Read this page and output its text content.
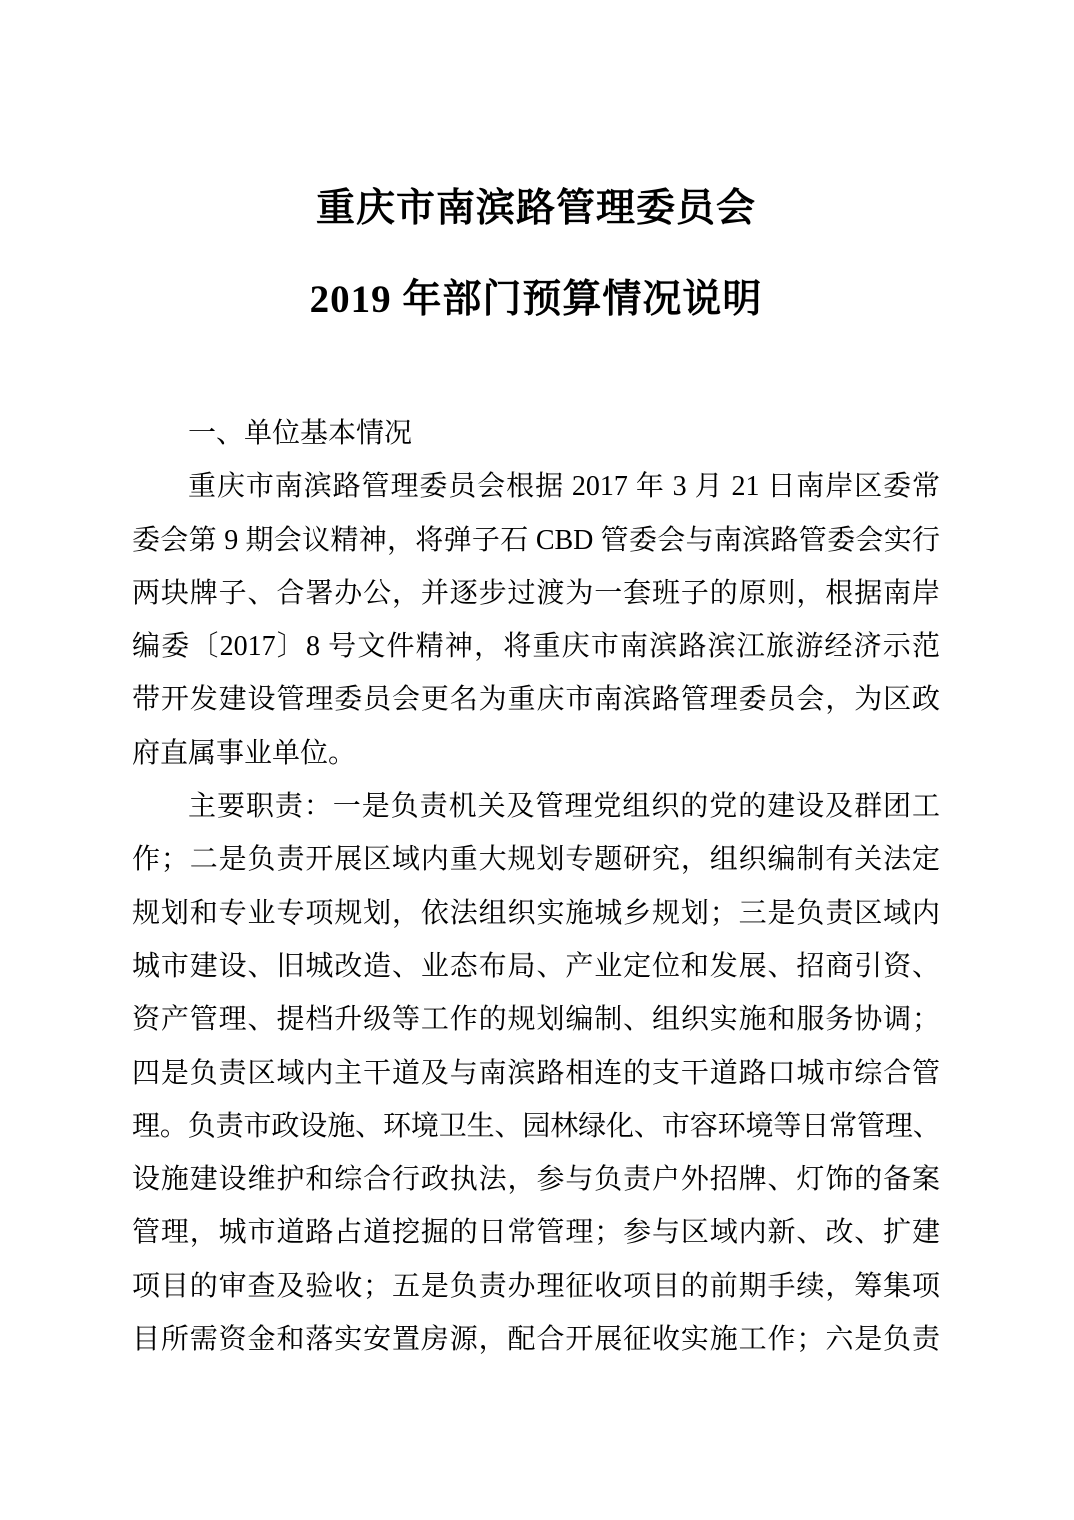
重庆市南滨路管理委员会
2019 年部门预算情况说明
一、单位基本情况
重庆市南滨路管理委员会根据 2017 年 3 月 21 日南岸区委常
委会第 9 期会议精神，将弹子石 CBD 管委会与南滨路管委会实行
两块牌子、合署办公，并逐步过渡为一套班子的原则，根据南岸
编委〔2017〕8 号文件精神，将重庆市南滨路滨江旅游经济示范
带开发建设管理委员会更名为重庆市南滨路管理委员会，为区政
府直属事业单位。
主要职责：一是负责机关及管理党组织的党的建设及群团工
作；二是负责开展区域内重大规划专题研究，组织编制有关法定
规划和专业专项规划，依法组织实施城乡规划；三是负责区域内
城市建设、旧城改造、业态布局、产业定位和发展、招商引资、
资产管理、提档升级等工作的规划编制、组织实施和服务协调；
四是负责区域内主干道及与南滨路相连的支干道路口城市综合管
理。负责市政设施、环境卫生、园林绿化、市容环境等日常管理、
设施建设维护和综合行政执法，参与负责户外招牌、灯饰的备案
管理，城市道路占道挖掘的日常管理；参与区域内新、改、扩建
项目的审查及验收；五是负责办理征收项目的前期手续，筹集项
目所需资金和落实安置房源，配合开展征收实施工作；六是负责
